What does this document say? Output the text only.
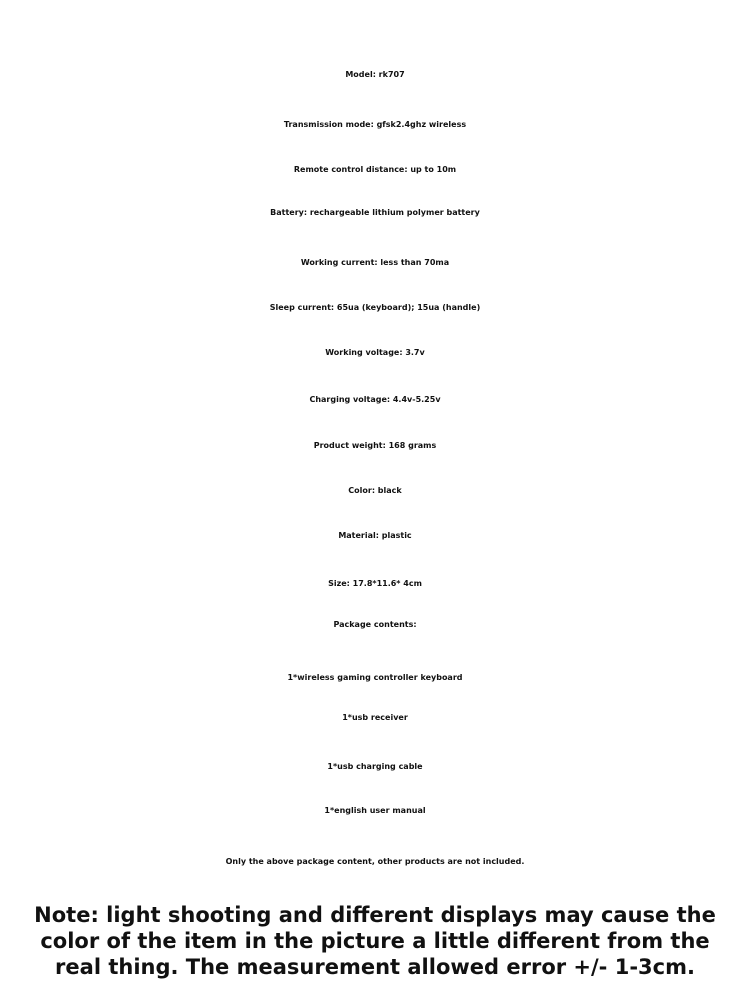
Model: rk707
Transmission mode: gfsk2.4ghz wireless
Remote control distance: up to 10m
Battery: rechargeable lithium polymer battery
Working current: less than 70ma
Sleep current: 65ua (keyboard); 15ua (handle)
Working voltage: 3.7v
Charging voltage: 4.4v-5.25v
Product weight: 168 grams
Color: black
Material: plastic
Size: 17.8*11.6* 4cm
Package contents:
1*wireless gaming controller keyboard
1*usb receiver
1*usb charging cable
1*english user manual
Only the above package content, other products are not included.
Note: light shooting and different displays may cause the color of the item in the picture a little different from the real thing. The measurement allowed error +/- 1-3cm.
